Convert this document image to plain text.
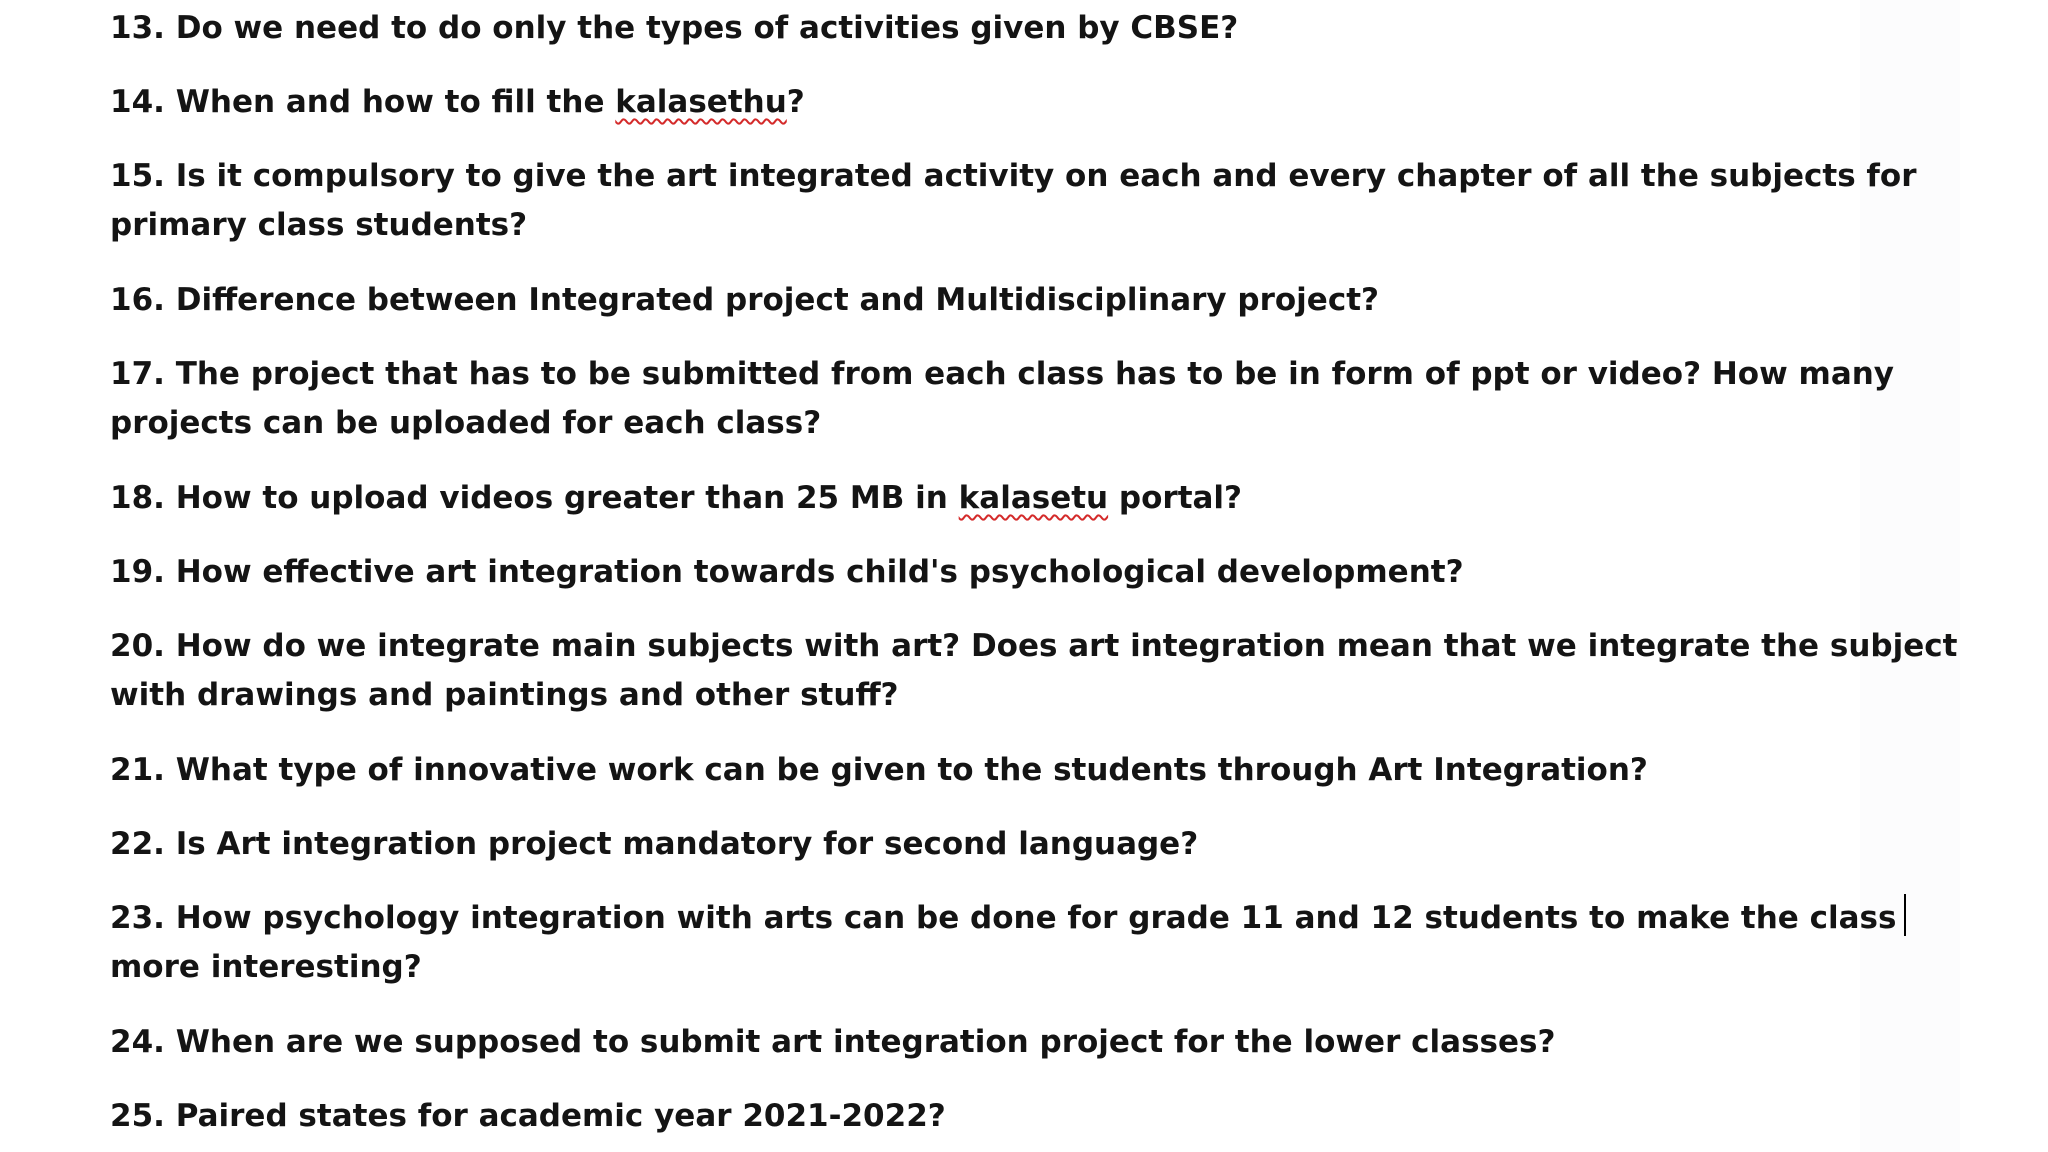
13. Do we need to do only the types of activities given by CBSE?

14. When and how to fill the kalasethu?

15. Is it compulsory to give the art integrated activity on each and every chapter of all the subjects for
primary class students?

16. Difference between Integrated project and Multidisciplinary project?

17. The project that has to be submitted from each class has to be in form of ppt or video? How many
projects can be uploaded for each class?

18. How to upload videos greater than 25 MB in kalasetu portal?

19. How effective art integration towards child's psychological development?

20. How do we integrate main subjects with art? Does art integration mean that we integrate the subject
with drawings and paintings and other stuff?

21. What type of innovative work can be given to the students through Art Integration?

22. Is Art integration project mandatory for second language?

23. How psychology integration with arts can be done for grade 11 and 12 students to make the class
more interesting?

24. When are we supposed to submit art integration project for the lower classes?

25. Paired states for academic year 2021-2022?
